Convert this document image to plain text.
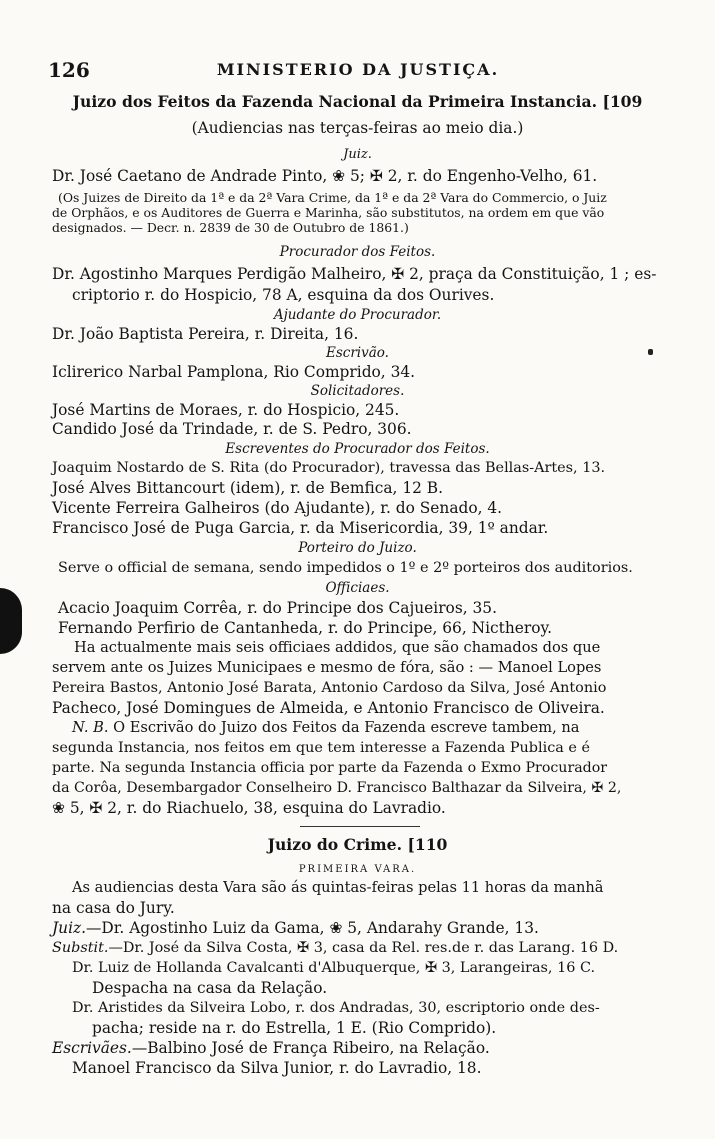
126	MINISTERIO DA JUSTIÇA.
Juizo dos Feitos da Fazenda Nacional da Primeira Instancia. [109
(Audiencias nas terças-feiras ao meio dia.)
Juiz.
Dr. José Caetano de Andrade Pinto, ❀ 5; ✠ 2, r. do Engenho-Velho, 61.
(Os Juizes de Direito da 1ª e da 2ª Vara Crime, da 1ª e da 2ª Vara do Commercio, o Juiz
de Orphãos, e os Auditores de Guerra e Marinha, são substitutos, na ordem em que vão
designados. — Decr. n. 2839 de 30 de Outubro de 1861.)
Procurador dos Feitos.
Dr. Agostinho Marques Perdigão Malheiro, ✠ 2, praça da Constituição, 1 ; es-
criptorio r. do Hospicio, 78 A, esquina da dos Ourives.
Ajudante do Procurador.
Dr. João Baptista Pereira, r. Direita, 16.
Escrivão.
Iclirerico Narbal Pamplona, Rio Comprido, 34.
Solicitadores.
José Martins de Moraes, r. do Hospicio, 245.
Candido José da Trindade, r. de S. Pedro, 306.
Escreventes do Procurador dos Feitos.
Joaquim Nostardo de S. Rita (do Procurador), travessa das Bellas-Artes, 13.
José Alves Bittancourt (idem), r. de Bemfica, 12 B.
Vicente Ferreira Galheiros (do Ajudante), r. do Senado, 4.
Francisco José de Puga Garcia, r. da Misericordia, 39, 1º andar.
Porteiro do Juizo.
Serve o official de semana, sendo impedidos o 1º e 2º porteiros dos auditorios.
Officiaes.
Acacio Joaquim Corrêa, r. do Principe dos Cajueiros, 35.
Fernando Perfirio de Cantanheda, r. do Principe, 66, Nictheroy.
Ha actualmente mais seis officiaes addidos, que são chamados dos que
servem ante os Juizes Municipaes e mesmo de fóra, são : — Manoel Lopes
Pereira Bastos, Antonio José Barata, Antonio Cardoso da Silva, José Antonio
Pacheco, José Domingues de Almeida, e Antonio Francisco de Oliveira.
N. B. O Escrivão do Juizo dos Feitos da Fazenda escreve tambem, na
segunda Instancia, nos feitos em que tem interesse a Fazenda Publica e é
parte. Na segunda Instancia officia por parte da Fazenda o Exmo Procurador
da Corôa, Desembargador Conselheiro D. Francisco Balthazar da Silveira, ✠ 2,
❀ 5, ✠ 2, r. do Riachuelo, 38, esquina do Lavradio.
Juizo do Crime. [110
PRIMEIRA VARA.
As audiencias desta Vara são ás quintas-feiras pelas 11 horas da manhã
na casa do Jury.
Juiz.—Dr. Agostinho Luiz da Gama, ❀ 5, Andarahy Grande, 13.
Substit.—Dr. José da Silva Costa, ✠ 3, casa da Rel. res.de r. das Larang. 16 D.
Dr. Luiz de Hollanda Cavalcanti d'Albuquerque, ✠ 3, Larangeiras, 16 C.
Despacha na casa da Relação.
Dr. Aristides da Silveira Lobo, r. dos Andradas, 30, escriptorio onde des-
pacha; reside na r. do Estrella, 1 E. (Rio Comprido).
Escrivães.—Balbino José de França Ribeiro, na Relação.
Manoel Francisco da Silva Junior, r. do Lavradio, 18.
